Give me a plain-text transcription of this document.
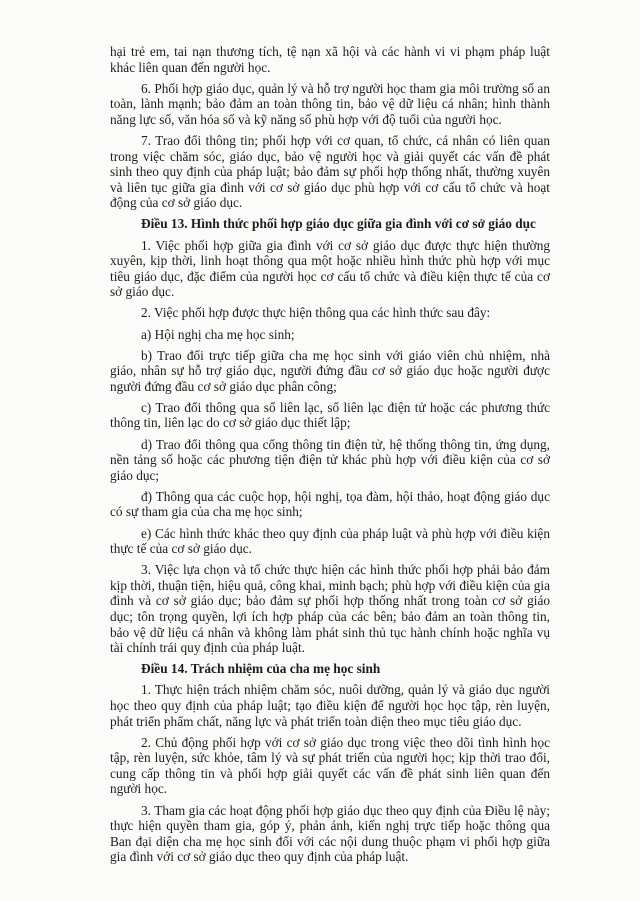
hại trẻ em, tai nạn thương tích, tệ nạn xã hội và các hành vi vi phạm pháp luật khác liên quan đến người học.

6. Phối hợp giáo dục, quản lý và hỗ trợ người học tham gia môi trường số an toàn, lành mạnh; bảo đảm an toàn thông tin, bảo vệ dữ liệu cá nhân; hình thành năng lực số, văn hóa số và kỹ năng số phù hợp với độ tuổi của người học.

7. Trao đổi thông tin; phối hợp với cơ quan, tổ chức, cá nhân có liên quan trong việc chăm sóc, giáo dục, bảo vệ người học và giải quyết các vấn đề phát sinh theo quy định của pháp luật; bảo đảm sự phối hợp thống nhất, thường xuyên và liên tục giữa gia đình với cơ sở giáo dục phù hợp với cơ cấu tổ chức và hoạt động của cơ sở giáo dục.

Điều 13. Hình thức phối hợp giáo dục giữa gia đình với cơ sở giáo dục

1. Việc phối hợp giữa gia đình với cơ sở giáo dục được thực hiện thường xuyên, kịp thời, linh hoạt thông qua một hoặc nhiều hình thức phù hợp với mục tiêu giáo dục, đặc điểm của người học cơ cấu tổ chức và điều kiện thực tế của cơ sở giáo dục.

2. Việc phối hợp được thực hiện thông qua các hình thức sau đây:

a) Hội nghị cha mẹ học sinh;

b) Trao đổi trực tiếp giữa cha mẹ học sinh với giáo viên chủ nhiệm, nhà giáo, nhân sự hỗ trợ giáo dục, người đứng đầu cơ sở giáo dục hoặc người được người đứng đầu cơ sở giáo dục phân công;

c) Trao đổi thông qua sổ liên lạc, sổ liên lạc điện tử hoặc các phương thức thông tin, liên lạc do cơ sở giáo dục thiết lập;

d) Trao đổi thông qua cổng thông tin điện tử, hệ thống thông tin, ứng dụng, nền tảng số hoặc các phương tiện điện tử khác phù hợp với điều kiện của cơ sở giáo dục;

đ) Thông qua các cuộc họp, hội nghị, tọa đàm, hội thảo, hoạt động giáo dục có sự tham gia của cha mẹ học sinh;

e) Các hình thức khác theo quy định của pháp luật và phù hợp với điều kiện thực tế của cơ sở giáo dục.

3. Việc lựa chọn và tổ chức thực hiện các hình thức phối hợp phải bảo đảm kịp thời, thuận tiện, hiệu quả, công khai, minh bạch; phù hợp với điều kiện của gia đình và cơ sở giáo dục; bảo đảm sự phối hợp thống nhất trong toàn cơ sở giáo dục; tôn trọng quyền, lợi ích hợp pháp của các bên; bảo đảm an toàn thông tin, bảo vệ dữ liệu cá nhân và không làm phát sinh thủ tục hành chính hoặc nghĩa vụ tài chính trái quy định của pháp luật.

Điều 14. Trách nhiệm của cha mẹ học sinh

1. Thực hiện trách nhiệm chăm sóc, nuôi dưỡng, quản lý và giáo dục người học theo quy định của pháp luật; tạo điều kiện để người học học tập, rèn luyện, phát triển phẩm chất, năng lực và phát triển toàn diện theo mục tiêu giáo dục.

2. Chủ động phối hợp với cơ sở giáo dục trong việc theo dõi tình hình học tập, rèn luyện, sức khỏe, tâm lý và sự phát triển của người học; kịp thời trao đổi, cung cấp thông tin và phối hợp giải quyết các vấn đề phát sinh liên quan đến người học.

3. Tham gia các hoạt động phối hợp giáo dục theo quy định của Điều lệ này; thực hiện quyền tham gia, góp ý, phản ánh, kiến nghị trực tiếp hoặc thông qua Ban đại diện cha mẹ học sinh đối với các nội dung thuộc phạm vi phối hợp giữa gia đình với cơ sở giáo dục theo quy định của pháp luật.
